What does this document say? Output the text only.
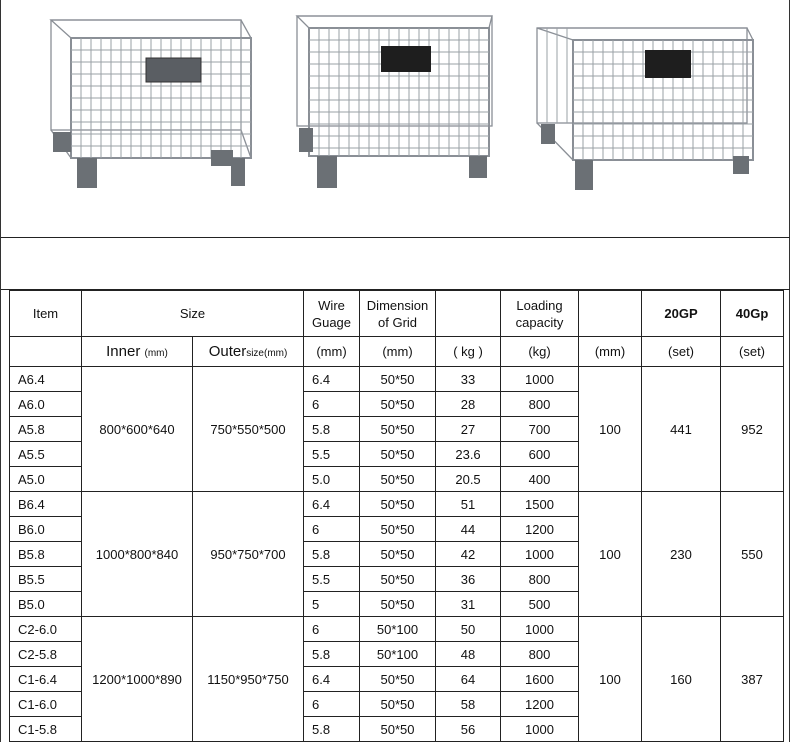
Item	Size		Wire Guage	Dimension of Grid		Loading capacity		20GP	40Gp
	Inner (mm)	Outersize(mm)	(mm)	(mm)	( kg )	(kg)	(mm)	(set)	(set)
A6.4	800*600*640	750*550*500	6.4	50*50	33	1000	100	441	952
A6.0			6	50*50	28	800			
A5.8			5.8	50*50	27	700			
A5.5			5.5	50*50	23.6	600			
A5.0			5.0	50*50	20.5	400			
B6.4	1000*800*840	950*750*700	6.4	50*50	51	1500	100	230	550
B6.0			6	50*50	44	1200			
B5.8			5.8	50*50	42	1000			
B5.5			5.5	50*50	36	800			
B5.0			5	50*50	31	500			
C2-6.0	1200*1000*890	1150*950*750	6	50*100	50	1000	100	160	387
C2-5.8			5.8	50*100	48	800			
C1-6.4			6.4	50*50	64	1600			
C1-6.0			6	50*50	58	1200			
C1-5.8			5.8	50*50	56	1000			
